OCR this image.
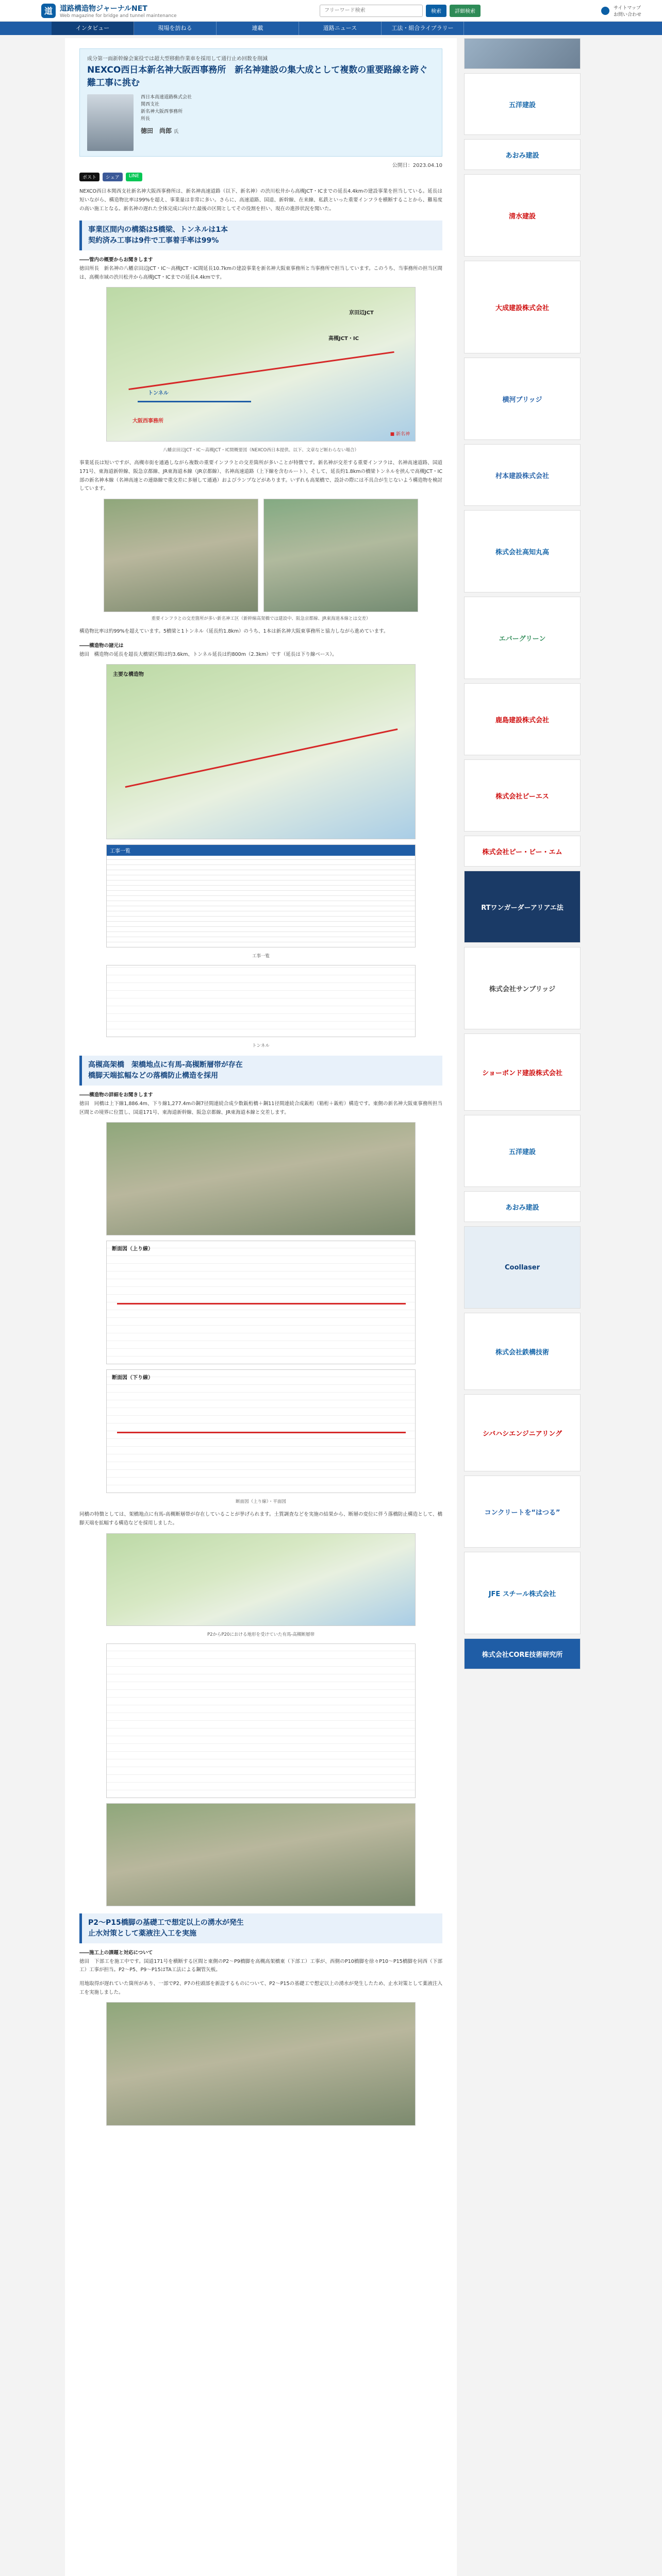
道	道路構造物ジャーナルNET
Web magazine for bridge and tunnel maintenance
フリーワード検索
検索	詳細検索
サイトマップ
お問い合わせ
インタビュー	現場を訪ねる	連載	道路ニュース	工法・組合ライブラリー
成分第一面新幹線会案役では超大型移動作業車を採用して通行止め回数を削減
NEXCO西日本新名神大阪西事務所　新名神建設の集大成として複数の重要路線を跨ぐ難工事に挑む
西日本高速道路株式会社
関西支社
新名神大阪西事務所
所長
徳田　尚郎 氏
公開日：2023.04.10
ポスト	シェア	LINE
NEXCO西日本関西支社新名神大阪西事務所は、新名神高速道路（以下、新名神）の渋川松井から高槻JCT・ICまでの延長4.4kmの建設事業を担当している。延長は短いながら、構造物比率は99%を超え、事業量は非常に多い。さらに、高速道路、国道、新幹線、在来線、私鉄といった重要インフラを横断することから、難易度の高い施工となる。新名神の遅れた全体完成に向けた最後の区間としてその役割を担い、現在の進捗状況を聞いた。
事業区間内の構築は5橋梁、トンネルは1本
契約済み工事は9件で工事着手率は99%
――管内の概要からお聞きします
徳田所長　新名神の八幡京田辺JCT・IC～高槻JCT・IC間延長10.7kmの建設事業を新名神大阪東事務所と当事務所で担当しています。このうち、当事務所の担当区間は、高槻市域の渋川松井から高槻JCT・ICまでの延長4.4kmです。
トンネル
大阪西事務所
高槻JCT・IC
京田辺JCT
■ 新名神
八幡京田辺JCT・IC～高槻JCT・IC間概要図（NEXCO西日本提供、以下、文章など断わらない場合）
事業延長は短いですが、高槻市街を通過しながら複数の重要インフラとの交差箇所が多いことが特徴です。新名神が交差する重要インフラは、名神高速道路、国道171号、東海道新幹線、阪急京都線、JR東海道本線（JR京都線）、名神高速道路（上下線を含むルート）、そして、延長約1.8kmの橋梁トンネルを挟んで高槻JCT・IC部の新名神本線（名神高速との連絡線で重交差に多層して通過）およびランプなどがあります。いずれも高架橋で、設計の際には不具合が生じないよう構造物を検討しています。
重要インフラとの交差箇所が多い新名神工区（新幹線高架橋では建設中、阪急京都線、JR東海道本線とは交差）
構造物比率は約99%を超えています。5橋梁と1トンネル（延長約1.8km）のうち、1本は新名神大阪東事務所と協力しながら進めています。
――構造物の諸元は
徳田　構造物の延長を超長大橋梁区間は約3.6km、トンネル延長は約800m（2.3km）です（延長は下り線ベース）。
主要な構造物
工事一覧
工事一覧
トンネル
高槻高架橋　架橋地点に有馬-高槻断層帯が存在
橋脚天端拡幅などの落橋防止構造を採用
――構造物の詳細をお聞きします
徳田　同橋は上下線1,886.4m、下り線1,277.4mの鋼7径間連続合成少数鈑桁橋＋鋼11径間連続合成鈑桁（箱桁＋鈑桁）構造です。東側の新名神大阪東事務所担当区間との境界に位置し、国道171号、東海道新幹線、阪急京都線、JR東海道本線と交差します。
断面図（上り線）
断面図（下り線）
断面図（上り線）・平面図
同橋の特徴としては、架橋地点に有馬-高槻断層帯が存在していることが挙げられます。土質調査などを実施の結果から、断層の変位に伴う落橋防止構造として、橋脚天端を拡幅する構造などを採用しました。
P2からP20における地形を受けていた有馬-高槻断層帯
P2～P15橋脚の基礎工で想定以上の湧水が発生
止水対策として薬液注入工を実施
――施工上の課題と対応について
徳田　下部工を施工中です。国道171号を横断する区間と東側のP2～P9橋脚を高槻高架橋東（下部工）工事が、西側のP10橋脚を徐々P10～P15橋脚を同西（下部工）工事が担当。P2～P5、P9～P15はTA工法による鋼管矢板。
用地取得が遅れていた箇所があり、一部でP2、P7の柱頭部を新設するものについて、P2～P15の基礎工で想定以上の湧水が発生したため、止水対策として薬液注入工を実施しました。
五洋建設
あおみ建設
清水建設
大成建設株式会社
横河ブリッジ
村本建設株式会社
株式会社高知丸高
エバーグリーン
鹿島建設株式会社
株式会社ピーエス
株式会社ピー・ビー・エム
RTワンガーダーアリアエ法
株式会社サンブリッジ
ショーボンド建設株式会社
五洋建設
あおみ建設
Coollaser
株式会社鉄構技術
シバハシエンジニアリング
コンクリートを“はつる”
JFE スチール株式会社
株式会社CORE技術研究所
